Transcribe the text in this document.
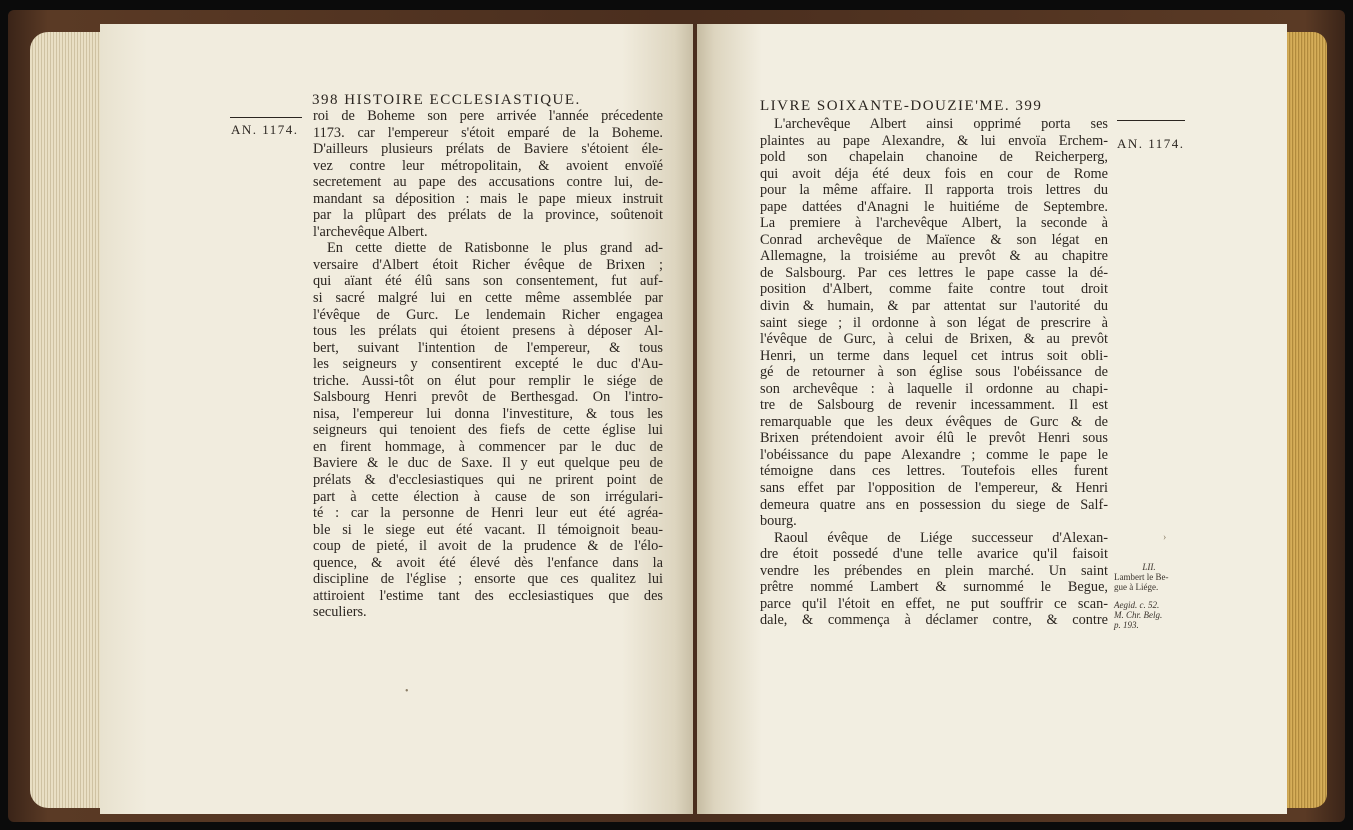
398 HISTOIRE ECCLESIASTIQUE.
roi de Boheme son pere arrivée l'année précedente
1173. car l'empereur s'étoit emparé de la Boheme.
D'ailleurs plusieurs prélats de Baviere s'étoient éle-
vez contre leur métropolitain, & avoient envoïé
secretement au pape des accusations contre lui, de-
mandant sa déposition : mais le pape mieux instruit
par la plûpart des prélats de la province, soûtenoit
l'archevêque Albert.
En cette diette de Ratisbonne le plus grand ad-
versaire d'Albert étoit Richer évêque de Brixen ;
qui aïant été élû sans son consentement, fut auf-
si sacré malgré lui en cette même assemblée par
l'évêque de Gurc. Le lendemain Richer engagea
tous les prélats qui étoient presens à déposer Al-
bert, suivant l'intention de l'empereur, & tous
les seigneurs y consentirent excepté le duc d'Au-
triche. Aussi-tôt on élut pour remplir le siége de
Salsbourg Henri prevôt de Berthesgad. On l'intro-
nisa, l'empereur lui donna l'investiture, & tous les
seigneurs qui tenoient des fiefs de cette église lui
en firent hommage, à commencer par le duc de
Baviere & le duc de Saxe. Il y eut quelque peu de
prélats & d'ecclesiastiques qui ne prirent point de
part à cette élection à cause de son irrégulari-
té : car la personne de Henri leur eut été agréa-
ble si le siege eut été vacant. Il témoignoit beau-
coup de pieté, il avoit de la prudence & de l'élo-
quence, & avoit été élevé dès l'enfance dans la
discipline de l'église ; ensorte que ces qualitez lui
attiroient l'estime tant des ecclesiastiques que des
seculiers.
•
AN. 1174.
LIVRE SOIXANTE-DOUZIE'ME. 399
L'archevêque Albert ainsi opprimé porta ses
plaintes au pape Alexandre, & lui envoïa Erchem-
pold son chapelain chanoine de Reicherperg,
qui avoit déja été deux fois en cour de Rome
pour la même affaire. Il rapporta trois lettres du
pape dattées d'Anagni le huitiéme de Septembre.
La premiere à l'archevêque Albert, la seconde à
Conrad archevêque de Maïence & son légat en
Allemagne, la troisiéme au prevôt & au chapitre
de Salsbourg. Par ces lettres le pape casse la dé-
position d'Albert, comme faite contre tout droit
divin & humain, & par attentat sur l'autorité du
saint siege ; il ordonne à son légat de prescrire à
l'évêque de Gurc, à celui de Brixen, & au prevôt
Henri, un terme dans lequel cet intrus soit obli-
gé de retourner à son église sous l'obéissance de
son archevêque : à laquelle il ordonne au chapi-
tre de Salsbourg de revenir incessamment. Il est
remarquable que les deux évêques de Gurc & de
Brixen prétendoient avoir élû le prevôt Henri sous
l'obéissance du pape Alexandre ; comme le pape le
témoigne dans ces lettres. Toutefois elles furent
sans effet par l'opposition de l'empereur, & Henri
demeura quatre ans en possession du siege de Salf-
bourg.
Raoul évêque de Liége successeur d'Alexan-
dre étoit possedé d'une telle avarice qu'il faisoit
vendre les prébendes en plein marché. Un saint
prêtre nommé Lambert & surnommé le Begue,
parce qu'il l'étoit en effet, ne put souffrir ce scan-
dale, & commença à déclamer contre, & contre
AN. 1174.
LII.
Lambert le Be-
gue à Liége.
Aegid. c. 52.
M. Chr. Belg.
p. 193.
›
